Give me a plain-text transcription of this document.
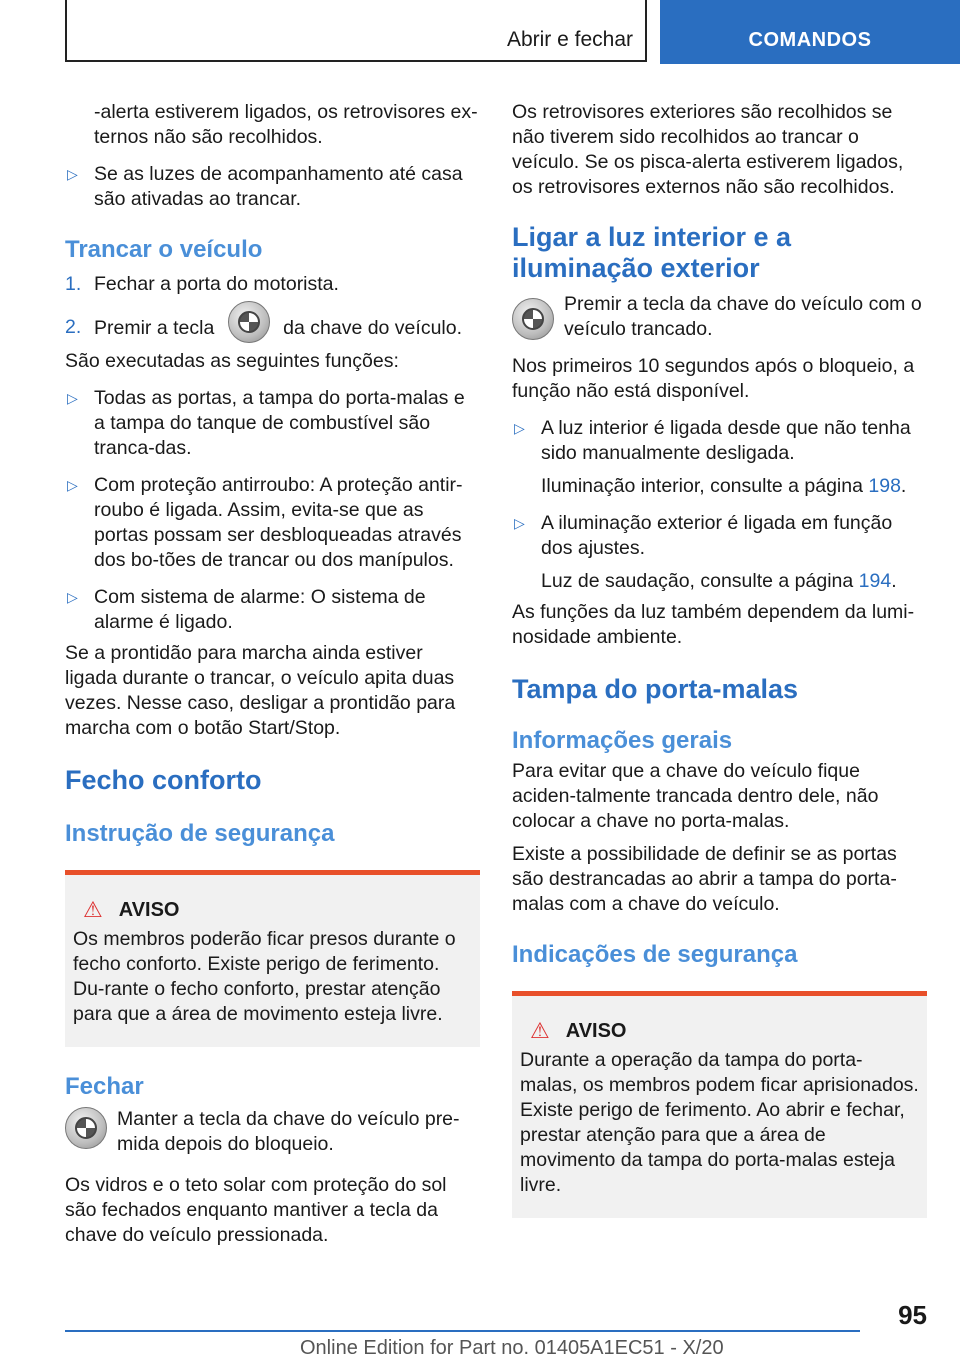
Abrir e fechar	COMANDOS

-alerta estiverem ligados, os retrovisores ex-ternos não são recolhidos.

▷ Se as luzes de acompanhamento até casa são ativadas ao trancar.
Trancar o veículo
1. Fechar a porta do motorista.
2. Premir a tecla	da chave do veículo.

São executadas as seguintes funções:

▷ Todas as portas, a tampa do porta-malas e a tampa do tanque de combustível são tranca-das.
▷ Com proteção antirroubo: A proteção antir-roubo é ligada. Assim, evita-se que as portas possam ser desbloqueadas através dos bo-tões de trancar ou dos manípulos.
▷ Com sistema de alarme: O sistema de alarme é ligado.

Se a prontidão para marcha ainda estiver ligada durante o trancar, o veículo apita duas vezes. Nesse caso, desligar a prontidão para marcha com o botão Start/Stop.

Fecho conforto
Instrução de segurança
⚠ AVISO

Os membros poderão ficar presos durante o fecho conforto. Existe perigo de ferimento. Du-rante o fecho conforto, prestar atenção para que a área de movimento esteja livre.

Fechar

Manter a tecla da chave do veículo pre-mida depois do bloqueio.

Os vidros e o teto solar com proteção do sol são fechados enquanto mantiver a tecla da chave do veículo pressionada.

Os retrovisores exteriores são recolhidos se não tiverem sido recolhidos ao trancar o veículo. Se os pisca-alerta estiverem ligados, os retrovisores externos não são recolhidos.

Ligar a luz interior e a iluminação exterior

Premir a tecla da chave do veículo com o veículo trancado.

Nos primeiros 10 segundos após o bloqueio, a função não está disponível.

▷ A luz interior é ligada desde que não tenha sido manualmente desligada.

Iluminação interior, consulte a página 198.

▷ A iluminação exterior é ligada em função dos ajustes.

Luz de saudação, consulte a página 194.

As funções da luz também dependem da lumi-nosidade ambiente.

Tampa do porta-malas
Informações gerais

Para evitar que a chave do veículo fique aciden-talmente trancada dentro dele, não colocar a chave no porta-malas.

Existe a possibilidade de definir se as portas são destrancadas ao abrir a tampa do porta-malas com a chave do veículo.

Indicações de segurança
⚠ AVISO

Durante a operação da tampa do porta-malas, os membros podem ficar aprisionados. Existe perigo de ferimento. Ao abrir e fechar, prestar atenção para que a área de movimento da tampa do porta-malas esteja livre.

95
Online Edition for Part no. 01405A1EC51 - X/20
